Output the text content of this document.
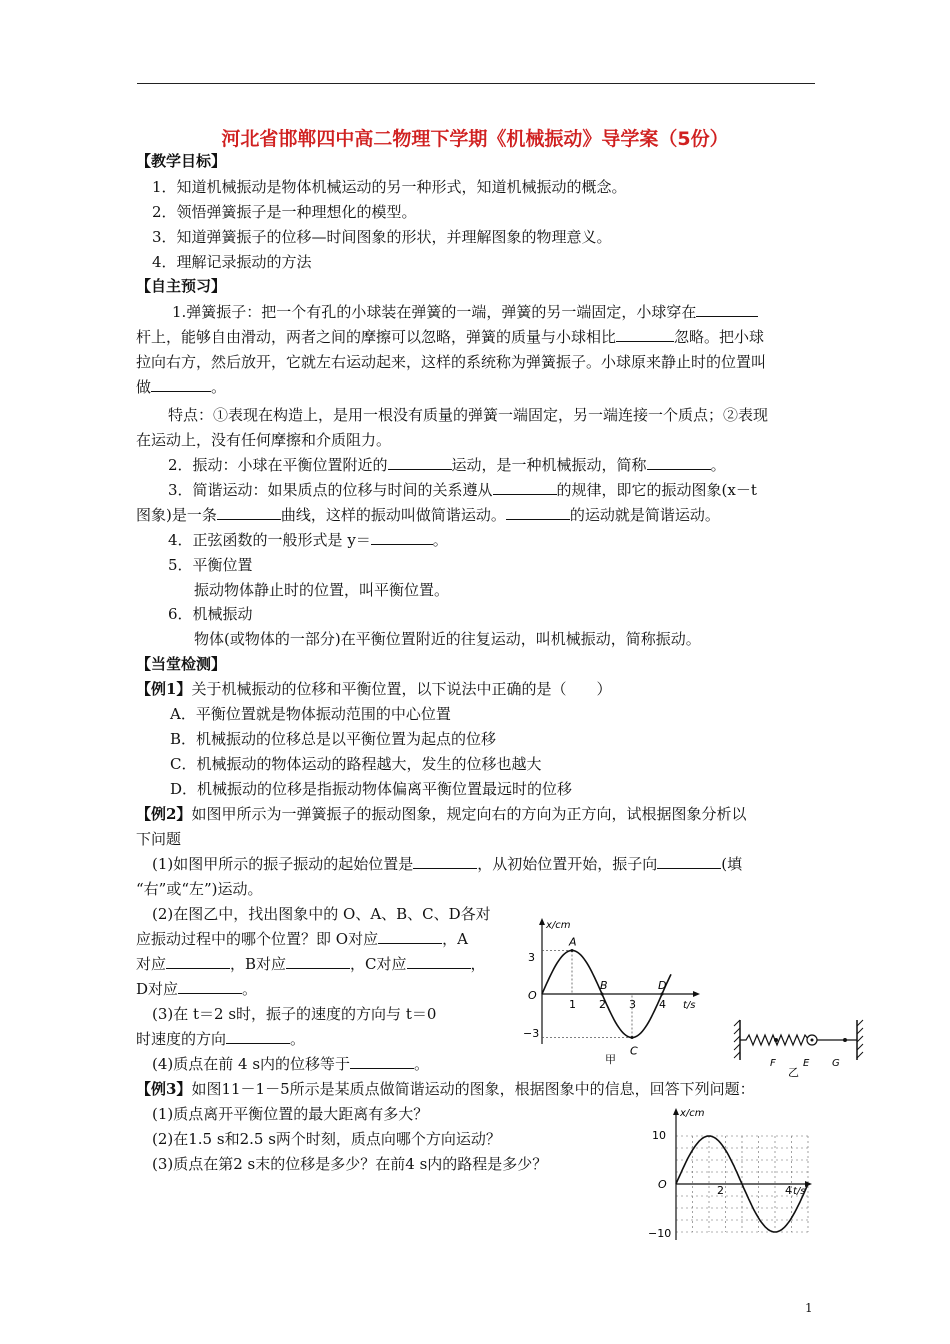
河北省邯郸四中高二物理下学期《机械振动》导学案（5份）
【教学目标】
1．知道机械振动是物体机械运动的另一种形式，知道机械振动的概念。
2．领悟弹簧振子是一种理想化的模型。
3．知道弹簧振子的位移—时间图象的形状，并理解图象的物理意义。
4．理解记录振动的方法
【自主预习】
1.弹簧振子：把一个有孔的小球装在弹簧的一端，弹簧的另一端固定，小球穿在
杆上，能够自由滑动，两者之间的摩擦可以忽略，弹簧的质量与小球相比	忽略。把小球
拉向右方，然后放开，它就左右运动起来，这样的系统称为弹簧振子。小球原来静止时的位置叫
做	。
特点：①表现在构造上，是用一根没有质量的弹簧一端固定，另一端连接一个质点；②表现
在运动上，没有任何摩擦和介质阻力。
2．振动：小球在平衡位置附近的	运动，是一种机械振动，简称	。
3．简谐运动：如果质点的位移与时间的关系遵从	的规律，即它的振动图象(x－t
图象)是一条	曲线，这样的振动叫做简谐运动。	的运动就是简谐运动。
4．正弦函数的一般形式是 y＝	。
5．平衡位置
振动物体静止时的位置，叫平衡位置。
6．机械振动
物体(或物体的一部分)在平衡位置附近的往复运动，叫机械振动，简称振动。
【当堂检测】
【例1】关于机械振动的位移和平衡位置，以下说法中正确的是（　　）
A．平衡位置就是物体振动范围的中心位置
B．机械振动的位移总是以平衡位置为起点的位移
C．机械振动的物体运动的路程越大，发生的位移也越大
D．机械振动的位移是指振动物体偏离平衡位置最远时的位移
【例2】如图甲所示为一弹簧振子的振动图象，规定向右的方向为正方向，试根据图象分析以
下问题
(1)如图甲所示的振子振动的起始位置是	，从初始位置开始，振子向	(填
“右”或“左”)运动。
(2)在图乙中，找出图象中的 O、A、B、C、D各对
应振动过程中的哪个位置？即 O对应	，A
对应	，B对应	，C对应	，
D对应	。
(3)在 t＝2 s时，振子的速度的方向与 t＝0
时速度的方向	。
(4)质点在前 4 s内的位移等于	。
【例3】如图11－1－5所示是某质点做简谐运动的图象，根据图象中的信息，回答下列问题：
(1)质点离开平衡位置的最大距离有多大？
(2)在1.5 s和2.5 s两个时刻，质点向哪个方向运动？
(3)质点在第2 s末的位移是多少？在前4 s内的路程是多少？
x/cm
t/s
3
−3
O
1 2 3 4
A
B
C
D
甲	F	E G
乙
x/cm
t/s
10
−10
O	2	4
1
